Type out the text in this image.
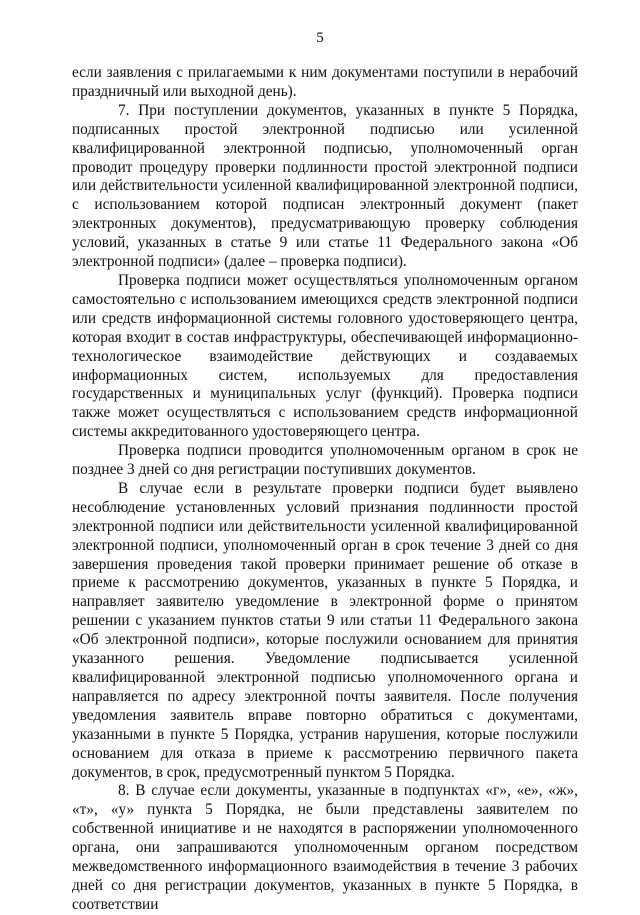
5

если заявления с прилагаемыми к ним документами поступили в нерабочий праздничный или выходной день).

7. При поступлении документов, указанных в пункте 5 Порядка, подписанных простой электронной подписью или усиленной квалифицированной электронной подписью, уполномоченный орган проводит процедуру проверки подлинности простой электронной подписи или действительности усиленной квалифицированной электронной подписи, с использованием которой подписан электронный документ (пакет электронных документов), предусматривающую проверку соблюдения условий, указанных в статье 9 или статье 11 Федерального закона «Об электронной подписи» (далее – проверка подписи).

Проверка подписи может осуществляться уполномоченным органом самостоятельно с использованием имеющихся средств электронной подписи или средств информационной системы головного удостоверяющего центра, которая входит в состав инфраструктуры, обеспечивающей информационно-технологическое взаимодействие действующих и создаваемых информационных систем, используемых для предоставления государственных и муниципальных услуг (функций). Проверка подписи также может осуществляться с использованием средств информационной системы аккредитованного удостоверяющего центра.

Проверка подписи проводится уполномоченным органом в срок не позднее 3 дней со дня регистрации поступивших документов.

В случае если в результате проверки подписи будет выявлено несоблюдение установленных условий признания подлинности простой электронной подписи или действительности усиленной квалифицированной электронной подписи, уполномоченный орган в срок течение 3 дней со дня завершения проведения такой проверки принимает решение об отказе в приеме к рассмотрению документов, указанных в пункте 5 Порядка, и направляет заявителю уведомление в электронной форме о принятом решении с указанием пунктов статьи 9 или статьи 11 Федерального закона «Об электронной подписи», которые послужили основанием для принятия указанного решения. Уведомление подписывается усиленной квалифицированной электронной подписью уполномоченного органа и направляется по адресу электронной почты заявителя. После получения уведомления заявитель вправе повторно обратиться с документами, указанными в пункте 5 Порядка, устранив нарушения, которые послужили основанием для отказа в приеме к рассмотрению первичного пакета документов, в срок, предусмотренный пунктом 5 Порядка.

8. В случае если документы, указанные в подпунктах «г», «е», «ж», «т», «у» пункта 5 Порядка, не были представлены заявителем по собственной инициативе и не находятся в распоряжении уполномоченного органа, они запрашиваются уполномоченным органом посредством межведомственного информационного взаимодействия в течение 3 рабочих дней со дня регистрации документов, указанных в пункте 5 Порядка, в соответствии
